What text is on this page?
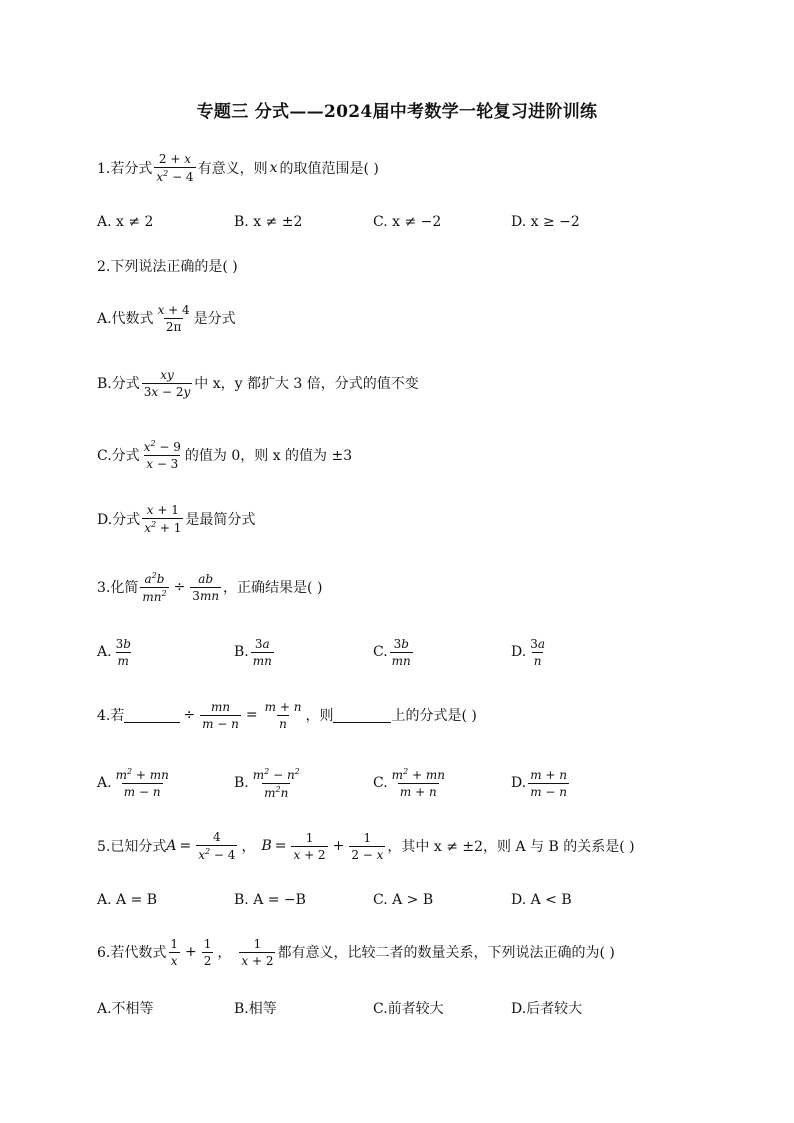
专题三 分式——2024届中考数学一轮复习进阶训练
1.若分式 $\frac{2 + x}{x^2 - 4}$ 有意义，则 x 的取值范围是( )
A. x ≠ 2	B. x ≠ ±2	C. x ≠ −2	D. x ≥ −2
2.下列说法正确的是( )
A.代数式 $\frac{x + 4}{2\pi}$ 是分式
B.分式 $\frac{xy}{3x - 2y}$ 中 x，y 都扩大 3 倍，分式的值不变
C.分式 $\frac{x^2 - 9}{x - 3}$ 的值为 0，则 x 的值为 ±3
D.分式 $\frac{x + 1}{x^2 + 1}$ 是最简分式
3.化简 $\frac{a^2b}{mn^2} \div \frac{ab}{3mn}$ ，正确结果是( )
A. $\frac{3b}{m}$	B. $\frac{3a}{mn}$	C. $\frac{3b}{mn}$	D. $\frac{3a}{n}$
4.若	÷ $\frac{mn}{m - n} = \frac{m + n}{n}$ ，则	上的分式是( )
A. $\frac{m^2 + mn}{m - n}$	B. $\frac{m^2 - n^2}{m^2n}$	C. $\frac{m^2 + mn}{m + n}$	D. $\frac{m + n}{m - n}$
5.已知分式 $A = \frac{4}{x^2 - 4}$ ， $B = \frac{1}{x + 2} + \frac{1}{2 - x}$ ，其中 x ≠ ±2，则 A 与 B 的关系是( )
A. A = B	B. A = −B	C. A > B	D. A < B
6.若代数式 $\frac{1}{x} + \frac{1}{2}$ ， $\frac{1}{x + 2}$ 都有意义，比较二者的数量关系，下列说法正确的为( )
A.不相等	B.相等	C.前者较大	D.后者较大
